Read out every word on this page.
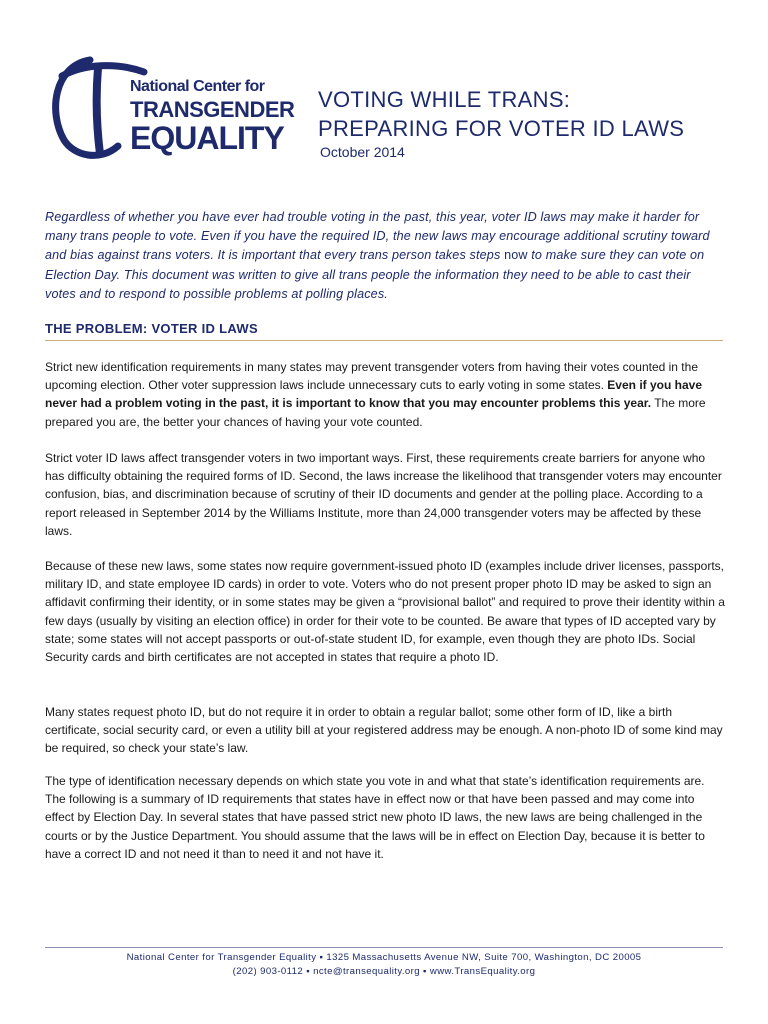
National Center for
TRANSGENDER
EQUALITY
VOTING WHILE TRANS:
PREPARING FOR VOTER ID LAWS
October 2014
Regardless of whether you have ever had trouble voting in the past, this year, voter ID laws may make it harder for many trans people to vote. Even if you have the required ID, the new laws may encourage additional scrutiny toward and bias against trans voters. It is important that every trans person takes steps now to make sure they can vote on Election Day. This document was written to give all trans people the information they need to be able to cast their votes and to respond to possible problems at polling places.
THE PROBLEM: VOTER ID LAWS
Strict new identification requirements in many states may prevent transgender voters from having their votes counted in the upcoming election. Other voter suppression laws include unnecessary cuts to early voting in some states. Even if you have never had a problem voting in the past, it is important to know that you may encounter problems this year. The more prepared you are, the better your chances of having your vote counted.
Strict voter ID laws affect transgender voters in two important ways. First, these requirements create barriers for anyone who has difficulty obtaining the required forms of ID. Second, the laws increase the likelihood that transgender voters may encounter confusion, bias, and discrimination because of scrutiny of their ID documents and gender at the polling place. According to a report released in September 2014 by the Williams Institute, more than 24,000 transgender voters may be affected by these laws.
Because of these new laws, some states now require government-issued photo ID (examples include driver licenses, passports, military ID, and state employee ID cards) in order to vote. Voters who do not present proper photo ID may be asked to sign an affidavit confirming their identity, or in some states may be given a “provisional ballot” and required to prove their identity within a few days (usually by visiting an election office) in order for their vote to be counted. Be aware that types of ID accepted vary by state; some states will not accept passports or out-of-state student ID, for example, even though they are photo IDs. Social Security cards and birth certificates are not accepted in states that require a photo ID.
Many states request photo ID, but do not require it in order to obtain a regular ballot; some other form of ID, like a birth certificate, social security card, or even a utility bill at your registered address may be enough. A non-photo ID of some kind may be required, so check your state’s law.
The type of identification necessary depends on which state you vote in and what that state’s identification requirements are. The following is a summary of ID requirements that states have in effect now or that have been passed and may come into effect by Election Day. In several states that have passed strict new photo ID laws, the new laws are being challenged in the courts or by the Justice Department. You should assume that the laws will be in effect on Election Day, because it is better to have a correct ID and not need it than to need it and not have it.
National Center for Transgender Equality ▪ 1325 Massachusetts Avenue NW, Suite 700, Washington, DC 20005
(202) 903-0112 ▪ ncte@transequality.org ▪ www.TransEquality.org
